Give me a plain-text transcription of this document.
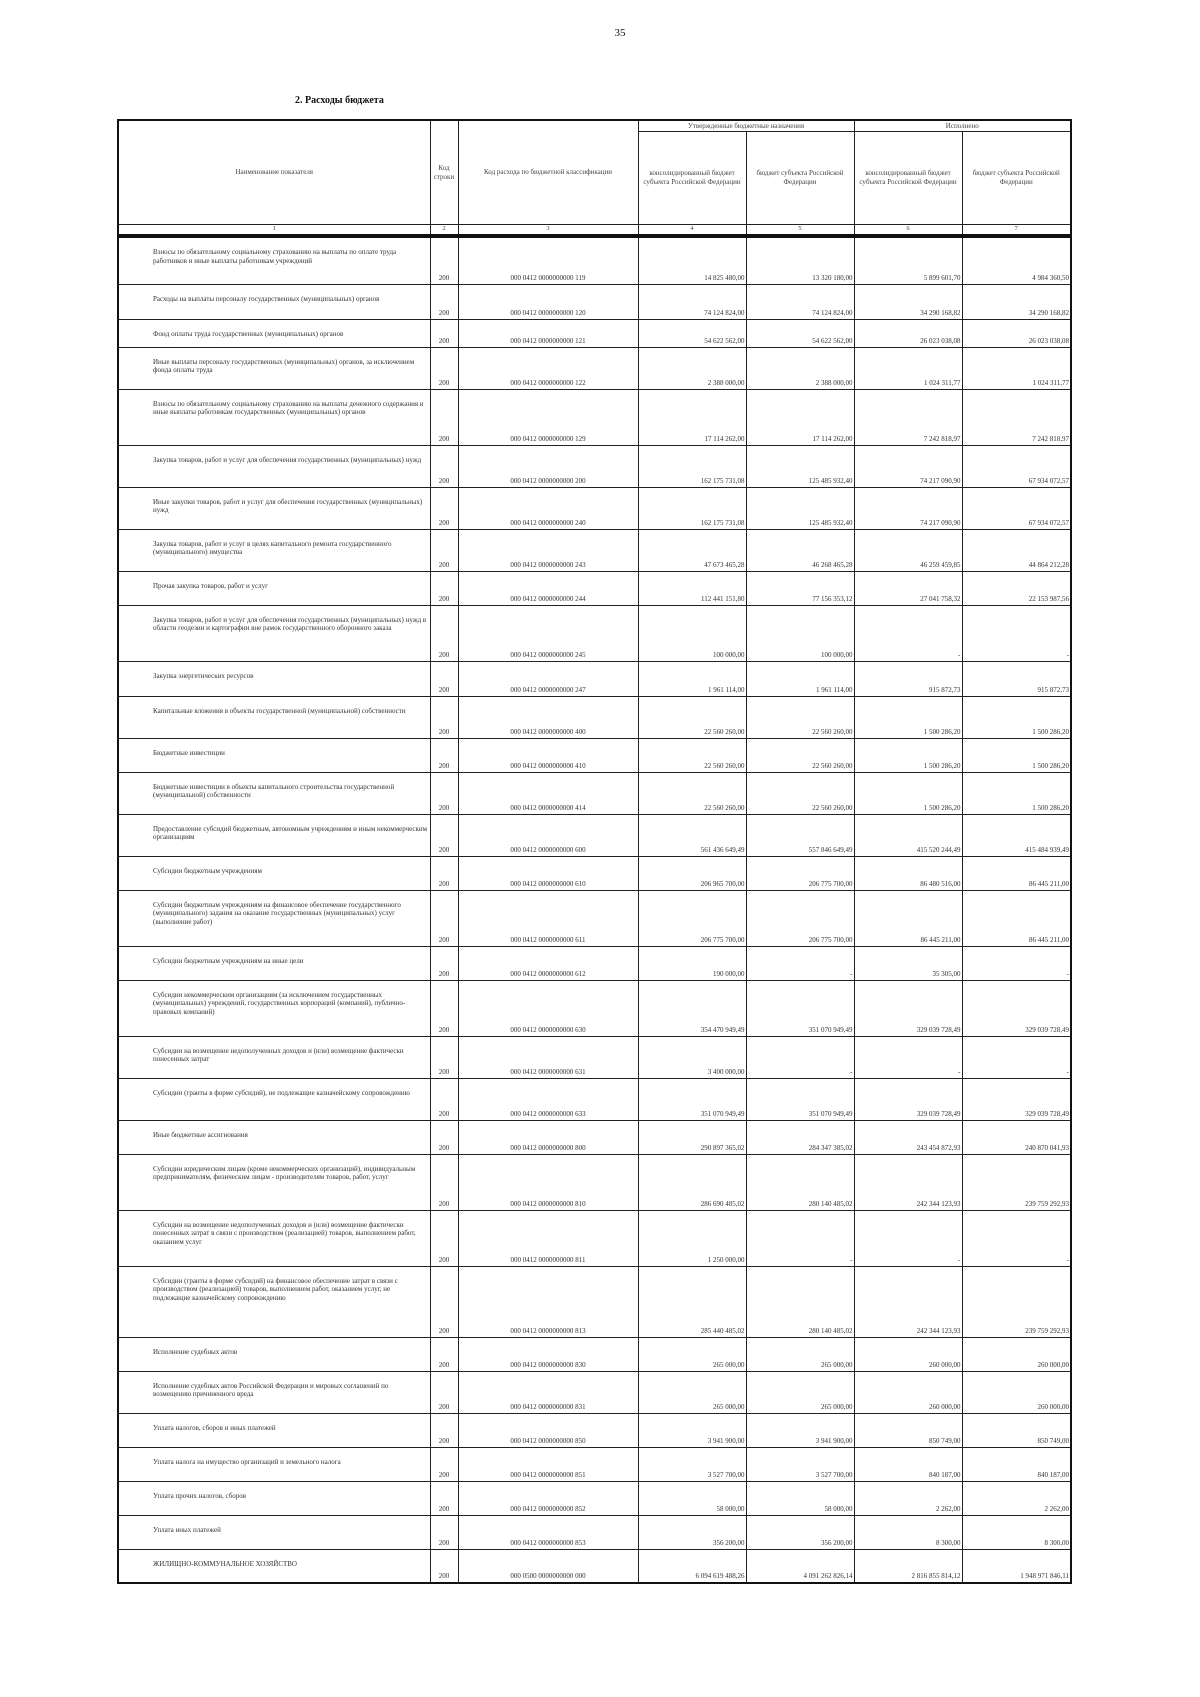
35
2. Расходы бюджета
Наименование показателя	Код строки	Код расхода по бюджетной классификации	Утвержденные бюджетные назначения		Исполнено	
			консолидированный бюджет субъекта Российской Федерации	бюджет субъекта Российской Федерации	консолидированный бюджет субъекта Российской Федерации	бюджет субъекта Российской Федерации
1	2	3	4	5	6	7

Взносы по обязательному социальному страхованию на выплаты по оплате труда работников и иные выплаты работникам учреждений	200	000 0412 0000000000 119	14 825 480,00	13 320 180,00	5 899 601,70	4 984 360,50

Расходы на выплаты персоналу государственных (муниципальных) органов	200	000 0412 0000000000 120	74 124 824,00	74 124 824,00	34 290 168,82	34 290 168,82

Фонд оплаты труда государственных (муниципальных) органов	200	000 0412 0000000000 121	54 622 562,00	54 622 562,00	26 023 038,08	26 023 038,08

Иные выплаты персоналу государственных (муниципальных) органов, за исключением фонда оплаты труда	200	000 0412 0000000000 122	2 388 000,00	2 388 000,00	1 024 311,77	1 024 311,77

Взносы по обязательному социальному страхованию на выплаты денежного содержания и иные выплаты работникам государственных (муниципальных) органов	200	000 0412 0000000000 129	17 114 262,00	17 114 262,00	7 242 818,97	7 242 818,97

Закупка товаров, работ и услуг для обеспечения государственных (муниципальных) нужд	200	000 0412 0000000000 200	162 175 731,08	125 485 932,40	74 217 090,90	67 934 072,57

Иные закупки товаров, работ и услуг для обеспечения государственных (муниципальных) нужд	200	000 0412 0000000000 240	162 175 731,08	125 485 932,40	74 217 090,90	67 934 072,57

Закупка товаров, работ и услуг в целях капитального ремонта государственного (муниципального) имущества	200	000 0412 0000000000 243	47 673 465,28	46 268 465,28	46 259 459,85	44 864 212,28

Прочая закупка товаров, работ и услуг	200	000 0412 0000000000 244	112 441 151,80	77 156 353,12	27 041 758,32	22 153 987,56

Закупка товаров, работ и услуг для обеспечения государственных (муниципальных) нужд в области геодезии и картографии вне рамок государственного оборонного заказа	200	000 0412 0000000000 245	100 000,00	100 000,00	-	-

Закупка энергетических ресурсов	200	000 0412 0000000000 247	1 961 114,00	1 961 114,00	915 872,73	915 872,73

Капитальные вложения в объекты государственной (муниципальной) собственности	200	000 0412 0000000000 400	22 560 260,00	22 560 260,00	1 500 286,20	1 500 286,20

Бюджетные инвестиции	200	000 0412 0000000000 410	22 560 260,00	22 560 260,00	1 500 286,20	1 500 286,20

Бюджетные инвестиции в объекты капитального строительства государственной (муниципальной) собственности	200	000 0412 0000000000 414	22 560 260,00	22 560 260,00	1 500 286,20	1 500 286,20

Предоставление субсидий бюджетным, автономным учреждениям и иным некоммерческим организациям	200	000 0412 0000000000 600	561 436 649,49	557 846 649,49	415 520 244,49	415 484 939,49

Субсидии бюджетным учреждениям	200	000 0412 0000000000 610	206 965 700,00	206 775 700,00	86 480 516,00	86 445 211,00

Субсидии бюджетным учреждениям на финансовое обеспечение государственного (муниципального) задания на оказание государственных (муниципальных) услуг (выполнение работ)	200	000 0412 0000000000 611	206 775 700,00	206 775 700,00	86 445 211,00	86 445 211,00

Субсидии бюджетным учреждениям на иные цели	200	000 0412 0000000000 612	190 000,00	-	35 305,00	-

Субсидии некоммерческим организациям (за исключением государственных (муниципальных) учреждений, государственных корпораций (компаний), публично-правовых компаний)	200	000 0412 0000000000 630	354 470 949,49	351 070 949,49	329 039 728,49	329 039 728,49

Субсидии на возмещение недополученных доходов и (или) возмещение фактически понесенных затрат	200	000 0412 0000000000 631	3 400 000,00	-	-	-

Субсидии (гранты в форме субсидий), не подлежащие казначейскому сопровождению	200	000 0412 0000000000 633	351 070 949,49	351 070 949,49	329 039 728,49	329 039 728,49

Иные бюджетные ассигнования	200	000 0412 0000000000 800	290 897 365,02	284 347 385,02	243 454 872,93	240 870 041,93

Субсидии юридическим лицам (кроме некоммерческих организаций), индивидуальным предпринимателям, физическим лицам - производителям товаров, работ, услуг	200	000 0412 0000000000 810	286 690 485,02	280 140 485,02	242 344 123,93	239 759 292,93

Субсидии на возмещение недополученных доходов и (или) возмещение фактически понесенных затрат в связи с производством (реализацией) товаров, выполнением работ, оказанием услуг	200	000 0412 0000000000 811	1 250 000,00	-	-	-

Субсидии (гранты в форме субсидий) на финансовое обеспечение затрат в связи с производством (реализацией) товаров, выполнением работ, оказанием услуг, не подлежащие казначейскому сопровождению	200	000 0412 0000000000 813	285 440 485,02	280 140 485,02	242 344 123,93	239 759 292,93

Исполнение судебных актов	200	000 0412 0000000000 830	265 000,00	265 000,00	260 000,00	260 000,00

Исполнение судебных актов Российской Федерации и мировых соглашений по возмещению причиненного вреда	200	000 0412 0000000000 831	265 000,00	265 000,00	260 000,00	260 000,00

Уплата налогов, сборов и иных платежей	200	000 0412 0000000000 850	3 941 900,00	3 941 900,00	850 749,00	850 749,00

Уплата налога на имущество организаций и земельного налога	200	000 0412 0000000000 851	3 527 700,00	3 527 700,00	840 187,00	840 187,00

Уплата прочих налогов, сборов	200	000 0412 0000000000 852	58 000,00	58 000,00	2 262,00	2 262,00

Уплата иных платежей	200	000 0412 0000000000 853	356 200,00	356 200,00	8 300,00	8 300,00

ЖИЛИЩНО-КОММУНАЛЬНОЕ ХОЗЯЙСТВО	200	000 0500 0000000000 000	6 094 619 488,26	4 091 262 826,14	2 816 855 814,12	1 948 971 846,11
